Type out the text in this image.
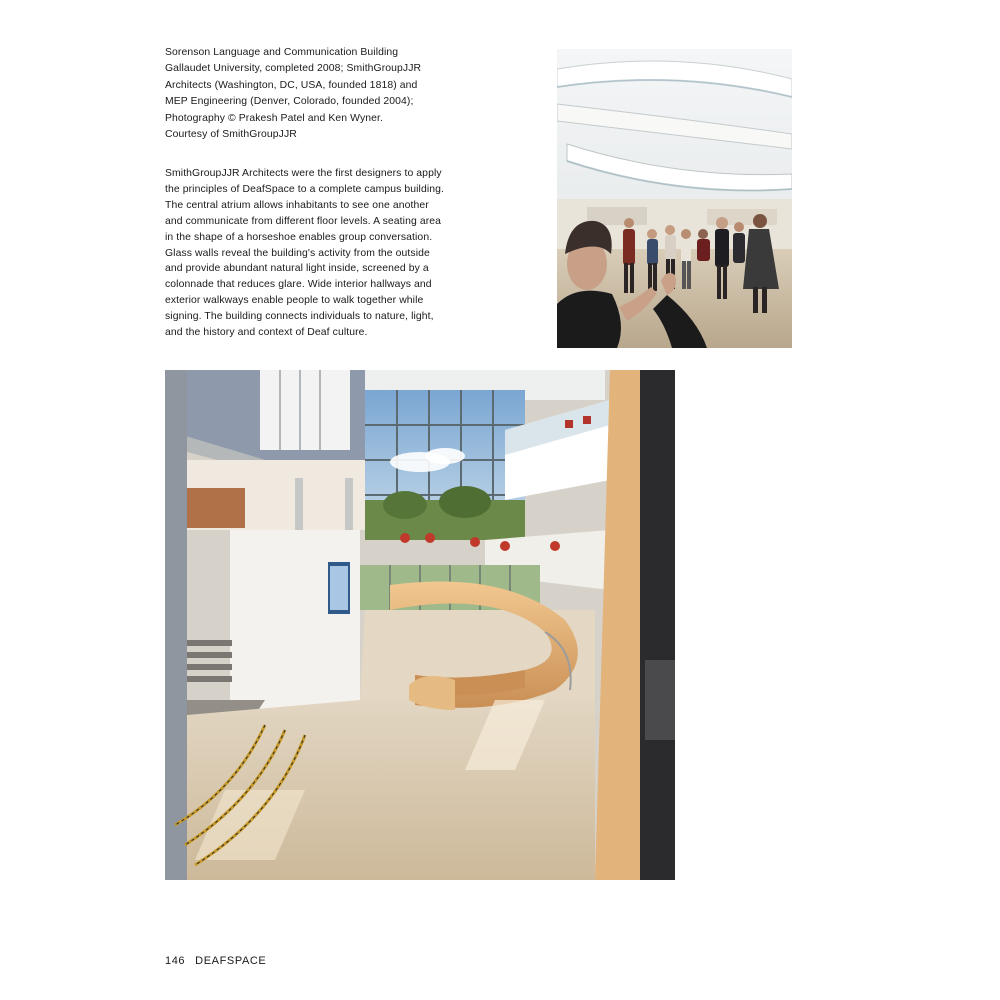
Sorenson Language and Communication Building
Gallaudet University, completed 2008; SmithGroupJJR
Architects (Washington, DC, USA, founded 1818) and
MEP Engineering (Denver, Colorado, founded 2004);
Photography © Prakesh Patel and Ken Wyner.
Courtesy of SmithGroupJJR
SmithGroupJJR Architects were the first designers to apply
the principles of DeafSpace to a complete campus building.
The central atrium allows inhabitants to see one another
and communicate from different floor levels. A seating area
in the shape of a horseshoe enables group conversation.
Glass walls reveal the building's activity from the outside
and provide abundant natural light inside, screened by a
colonnade that reduces glare. Wide interior hallways and
exterior walkways enable people to walk together while
signing. The building connects individuals to nature, light,
and the history and context of Deaf culture.
146 DEAFSPACE
